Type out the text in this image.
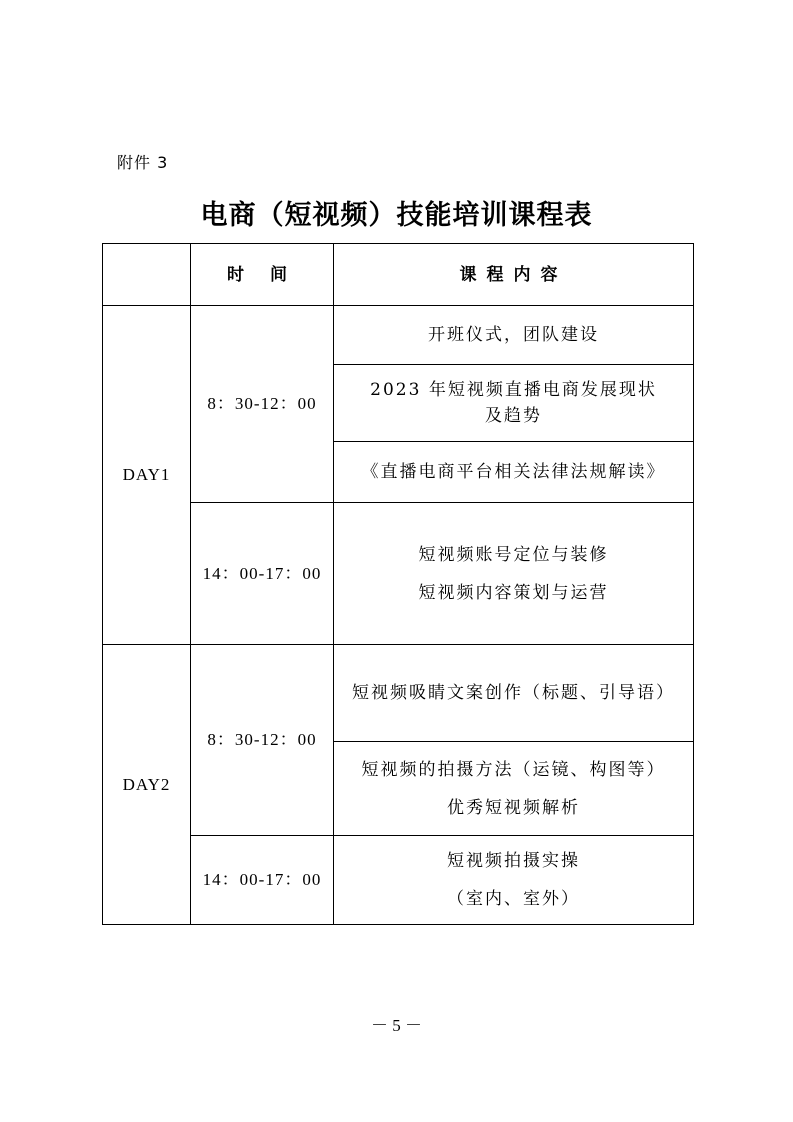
附件 3
电商（短视频）技能培训课程表
	时 间	课程内容
DAY1	8：30-12：00	开班仪式，团队建设

		2023 年短视频直播电商发展现状
及趋势

		《直播电商平台相关法律法规解读》

	14：00-17：00	短视频账号定位与装修
短视频内容策划与运营

DAY2	8：30-12：00	短视频吸睛文案创作（标题、引导语）

		短视频的拍摄方法（运镜、构图等）
优秀短视频解析

	14：00-17：00	短视频拍摄实操
（室内、室外）
－ 5 －
